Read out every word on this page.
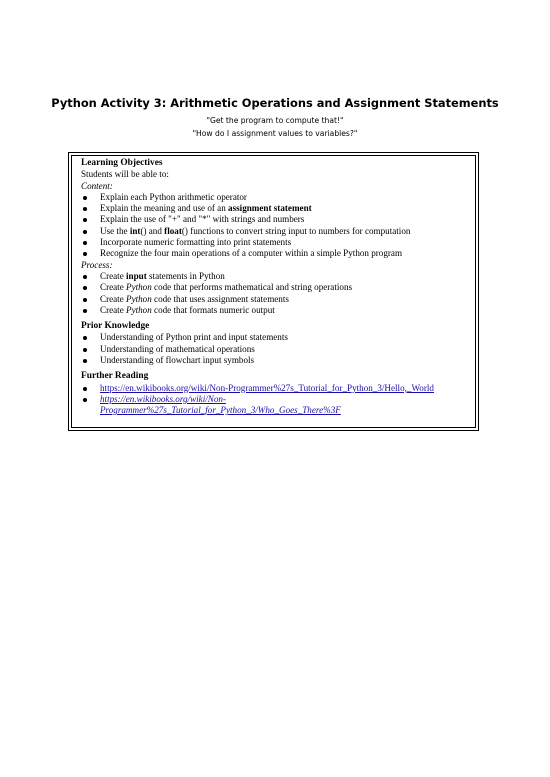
Python Activity 3: Arithmetic Operations and Assignment Statements
"Get the program to compute that!"
"How do I assignment values to variables?"
Learning Objectives
Students will be able to:
Content:
Explain each Python arithmetic operator
Explain the meaning and use of an assignment statement
Explain the use of "+" and "*" with strings and numbers
Use the int() and float() functions to convert string input to numbers for computation
Incorporate numeric formatting into print statements
Recognize the four main operations of a computer within a simple Python program
Process:
Create input statements in Python
Create Python code that performs mathematical and string operations
Create Python code that uses assignment statements
Create Python code that formats numeric output
Prior Knowledge
Understanding of Python print and input statements
Understanding of mathematical operations
Understanding of flowchart input symbols
Further Reading
https://en.wikibooks.org/wiki/Non-Programmer%27s_Tutorial_for_Python_3/Hello,_World
https://en.wikibooks.org/wiki/Non-
Programmer%27s_Tutorial_for_Python_3/Who_Goes_There%3F
